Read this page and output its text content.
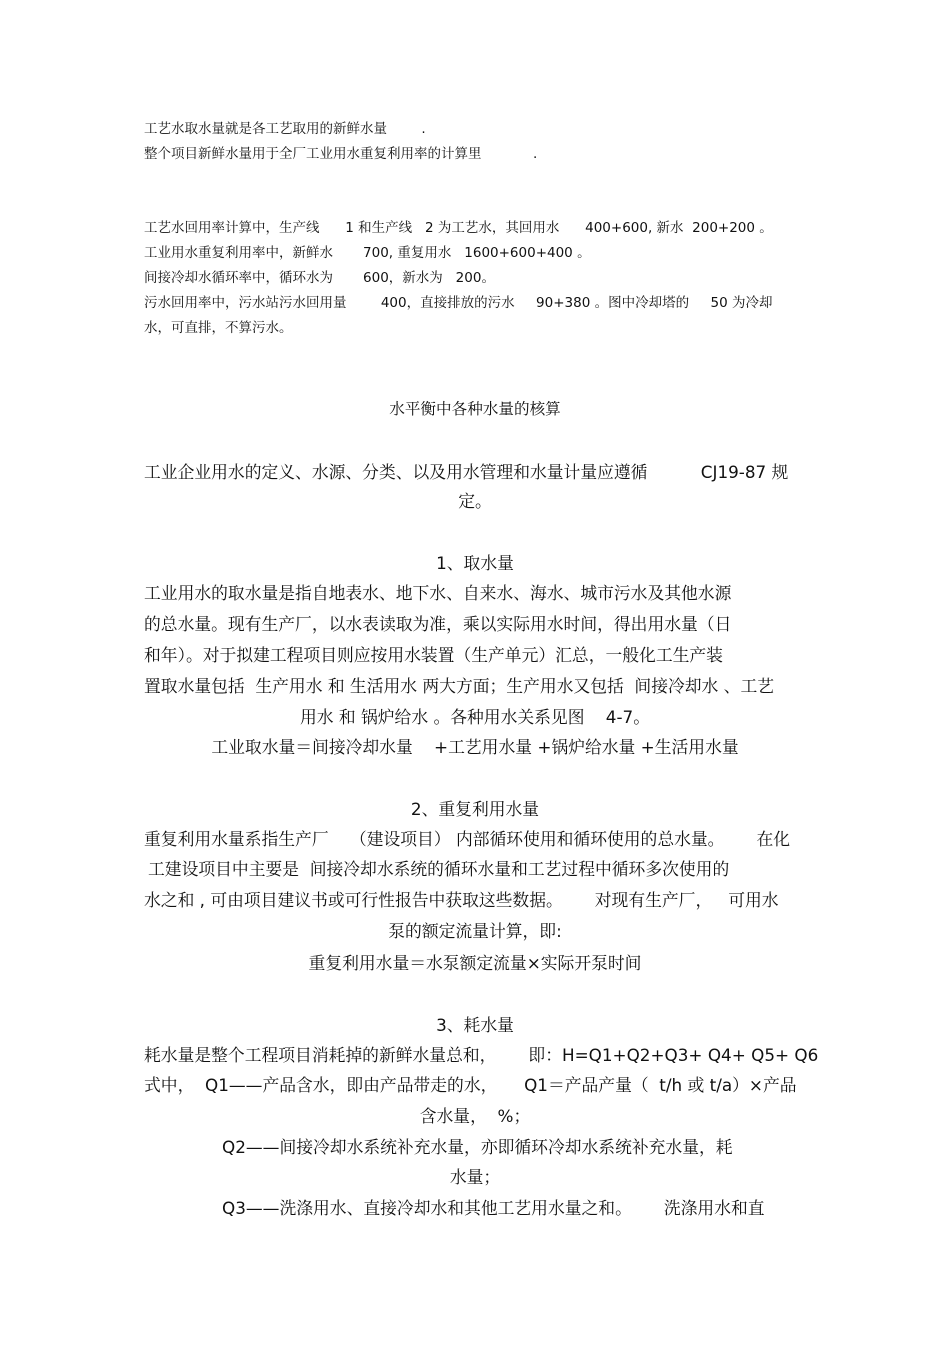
工艺水取水量就是各工艺取用的新鲜水量        .
整个项目新鲜水量用于全厂工业用水重复利用率的计算里            .
工艺水回用率计算中，生产线      1 和生产线   2 为工艺水，其回用水      400+600, 新水  200+200 。
工业用水重复利用率中，新鲜水       700, 重复用水   1600+600+400 。
间接冷却水循环率中，循环水为       600，新水为   200。
污水回用率中，污水站污水回用量        400，直接排放的污水     90+380 。图中冷却塔的     50 为冷却
水，可直排，不算污水。
水平衡中各种水量的核算
工业企业用水的定义、水源、分类、以及用水管理和水量计量应遵循          CJ19-87 规
定。
1、取水量
工业用水的取水量是指自地表水、地下水、自来水、海水、城市污水及其他水源
的总水量。现有生产厂，以水表读取为准，乘以实际用水时间，得出用水量（日
和年）。对于拟建工程项目则应按用水装置（生产单元）汇总，一般化工生产装
置取水量包括  生产用水 和 生活用水 两大方面；生产用水又包括  间接冷却水 、工艺
用水 和 锅炉给水 。各种用水关系见图    4-7。
工业取水量＝间接冷却水量    +工艺用水量 +锅炉给水量 +生活用水量
2、重复利用水量
重复利用水量系指生产厂    （建设项目） 内部循环使用和循环使用的总水量。      在化
工建设项目中主要是  间接冷却水系统的循环水量和工艺过程中循环多次使用的
水之和 , 可由项目建议书或可行性报告中获取这些数据。      对现有生产厂，   可用水
泵的额定流量计算，即:
重复利用水量＝水泵额定流量×实际开泵时间
3、耗水量
耗水量是整个工程项目消耗掉的新鲜水量总和，      即：H=Q1+Q2+Q3+ Q4+ Q5+ Q6
式中，  Q1——产品含水，即由产品带走的水，     Q1＝产品产量（  t/h 或 t/a）×产品
含水量，  %；
Q2——间接冷却水系统补充水量，亦即循环冷却水系统补充水量，耗
水量；
Q3——洗涤用水、直接冷却水和其他工艺用水量之和。      洗涤用水和直
